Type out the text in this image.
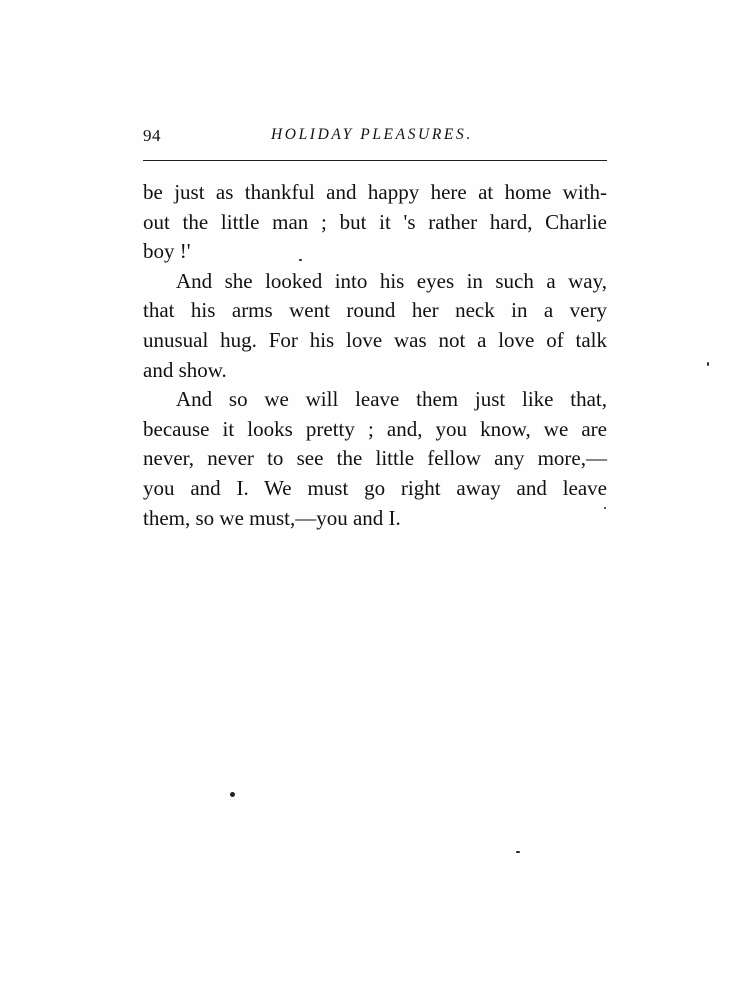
94	HOLIDAY PLEASURES.
be just as thankful and happy here at home with-
out the little man ; but it 's rather hard, Charlie
boy !'
And she looked into his eyes in such a way,
that his arms went round her neck in a very
unusual hug. For his love was not a love of talk
and show.
And so we will leave them just like that,
because it looks pretty ; and, you know, we are
never, never to see the little fellow any more,—
you and I. We must go right away and leave
them, so we must,—you and I.
